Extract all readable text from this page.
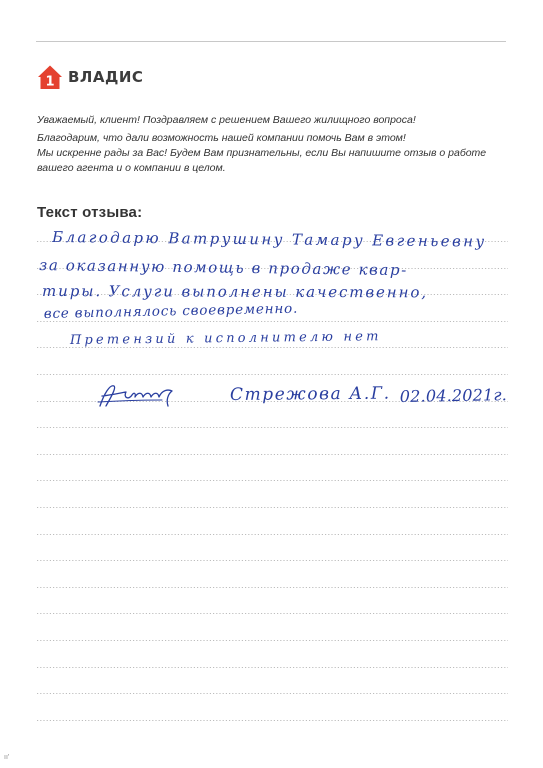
1 ВЛАДИС
Уважаемый, клиент! Поздравляем с решением Вашего жилищного вопроса!
Благодарим, что дали возможность нашей компании помочь Вам в этом!
Мы искренне рады за Вас! Будем Вам признательны, если Вы напишите отзыв о работе
вашего агента и о компании в целом.
Текст отзыва:
Благодарю Ватрушину Тамару Евгеньевну
за оказанную помощь в продаже квар-
тиры. Услуги выполнены качественно,
все выполнялось своевременно.
Претензий к исполнителю нет
Стрежова А.Г. 02.04.2021г.
ıı'
